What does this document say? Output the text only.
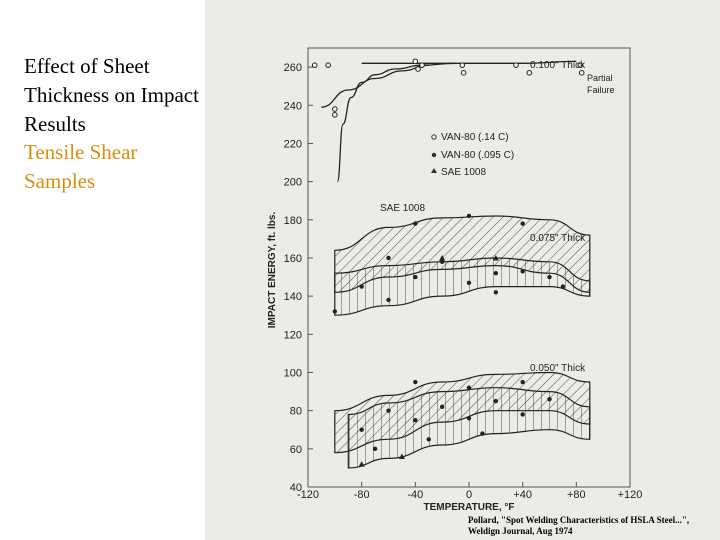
Effect of Sheet Thickness on Impact Results
Tensile Shear Samples
40
60
80
100
120
140
160
180
200
220
240
260
-120	-80	-40	0	+40	+80	+120
IMPACT ENERGY, ft. lbs.
TEMPERATURE, °F
0.100" Thick
Partial
Failure
SAE 1008
0.075" Thick
0.050" Thick
VAN-80 (.14 C)
VAN-80 (.095 C)
SAE 1008
Pollard, "Spot Welding Characteristics of HSLA Steel...", Weldign Journal, Aug 1974
